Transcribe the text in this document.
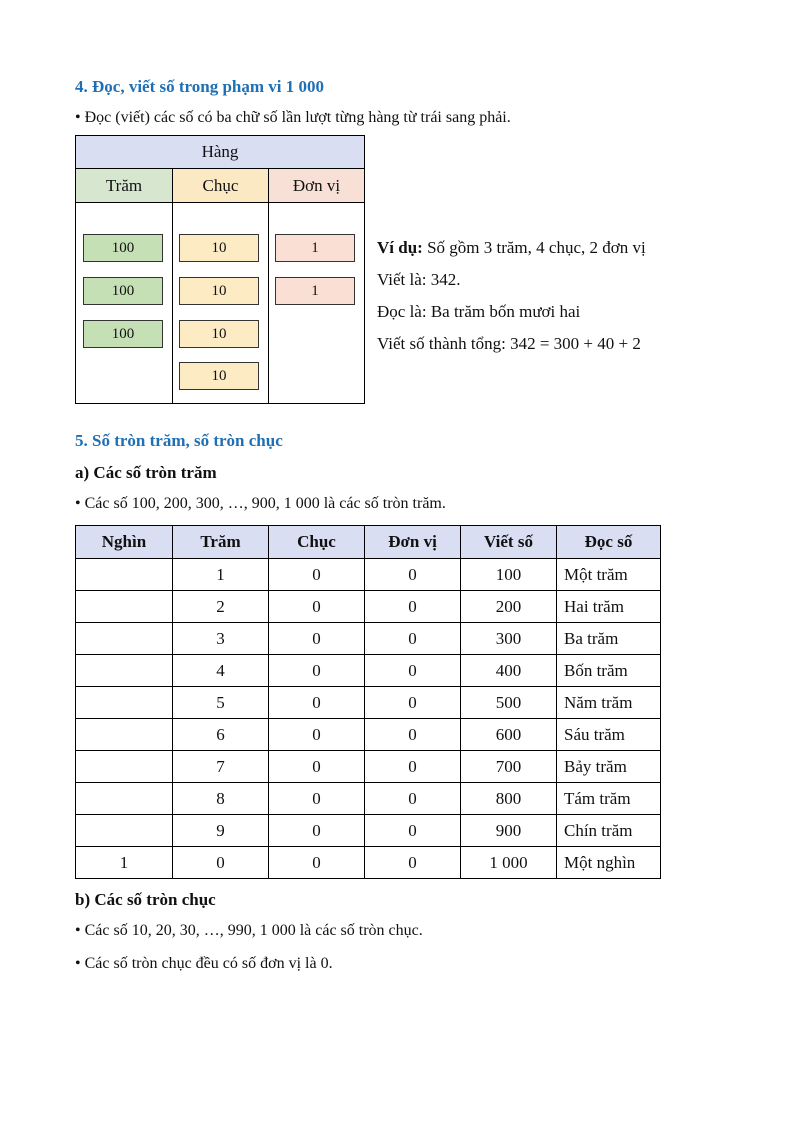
4. Đọc, viết số trong phạm vi 1 000
• Đọc (viết) các số có ba chữ số lần lượt từng hàng từ trái sang phải.
Hàng
Trăm	Chục	Đơn vị
100
100
100
10
10
10
10
1
1
Ví dụ: Số gồm 3 trăm, 4 chục, 2 đơn vị
Viết là: 342.
Đọc là: Ba trăm bốn mươi hai
Viết số thành tổng: 342 = 300 + 40 + 2
5. Số tròn trăm, số tròn chục
a) Các số tròn trăm
• Các số 100, 200, 300, …, 900, 1 000 là các số tròn trăm.
Nghìn	Trăm	Chục	Đơn vị	Viết số	Đọc số
	1	0	0	100	Một trăm
	2	0	0	200	Hai trăm
	3	0	0	300	Ba trăm
	4	0	0	400	Bốn trăm
	5	0	0	500	Năm trăm
	6	0	0	600	Sáu trăm
	7	0	0	700	Bảy trăm
	8	0	0	800	Tám trăm
	9	0	0	900	Chín trăm
1	0	0	0	1 000	Một nghìn
b) Các số tròn chục
• Các số 10, 20, 30, …, 990, 1 000 là các số tròn chục.
• Các số tròn chục đều có số đơn vị là 0.
